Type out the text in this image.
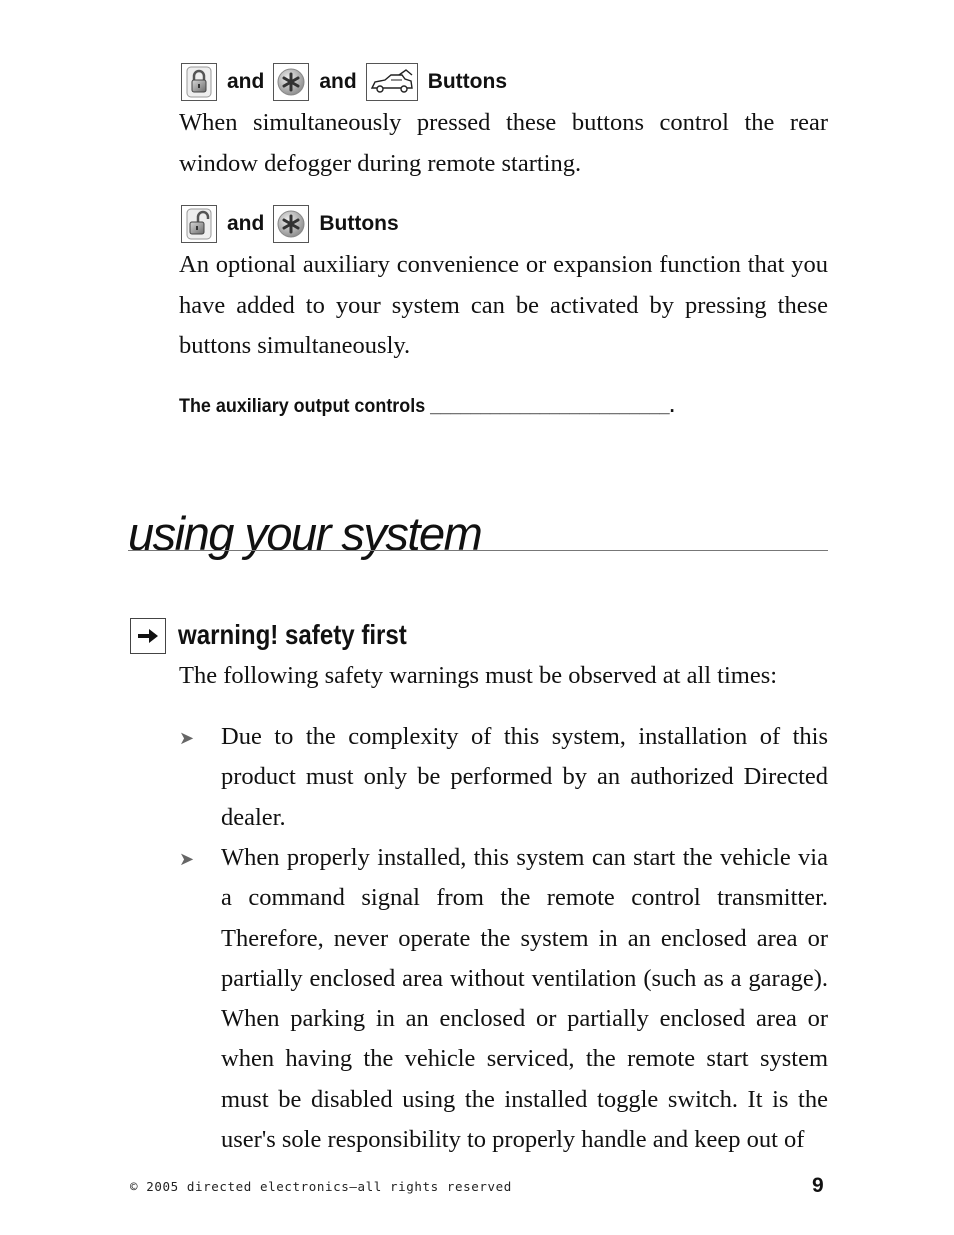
and	and	Buttons

When simultaneously pressed these buttons control the rear window defogger during remote starting.

and	Buttons

An optional auxiliary convenience or expansion function that you have added to your system can be activated by pressing these buttons simultaneously.

The auxiliary output controls ________________________.
using your system
warning! safety first

The following safety warnings must be observed at all times:

➤ Due to the complexity of this system, installation of this product must only be performed by an authorized Directed dealer.

➤ When properly installed, this system can start the vehicle via a command signal from the remote control transmitter. Therefore, never operate the system in an enclosed area or partially enclosed area without ventilation (such as a garage). When parking in an enclosed or partially enclosed area or when having the vehicle serviced, the remote start system must be disabled using the installed toggle switch. It is the user's sole responsibility to properly handle and keep out of

© 2005 directed electronics—all rights reserved	9
